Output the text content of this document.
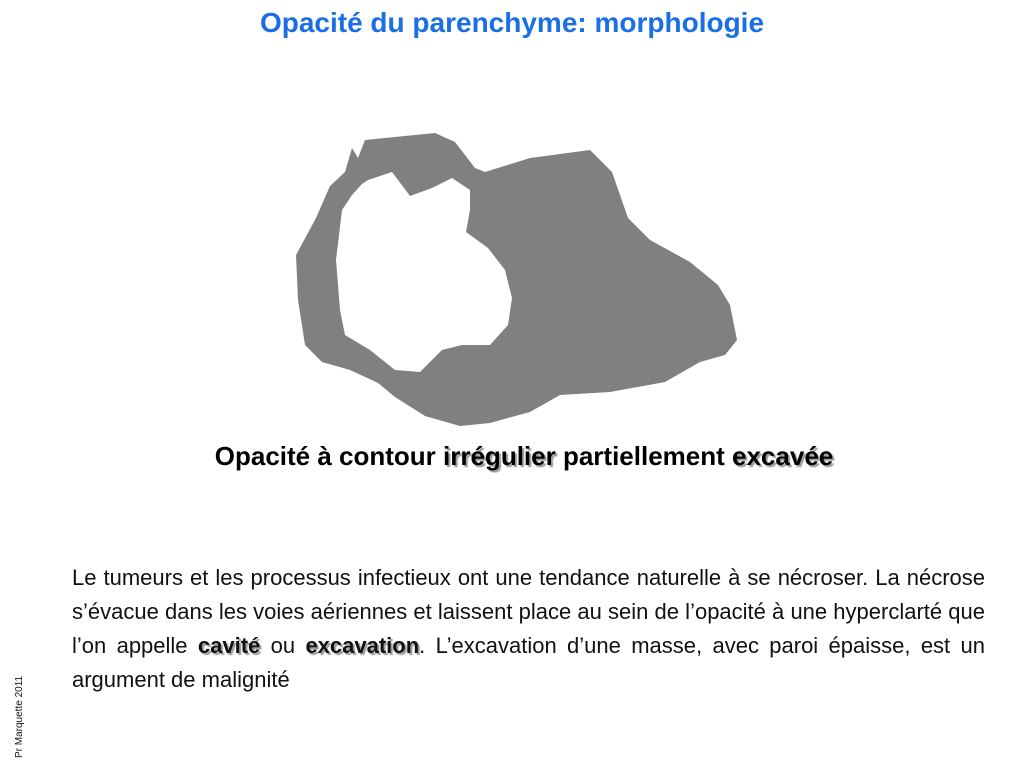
Opacité du parenchyme: morphologie
Opacité à contour irrégulier partiellement excavée

Le tumeurs et les processus infectieux ont une tendance naturelle à se nécroser. La nécrose s’évacue dans les voies aériennes et laissent place au sein de l’opacité à une hyperclarté que l’on appelle cavité ou excavation. L’excavation d’une masse, avec paroi épaisse, est un argument de malignité

Pr Marquette 2011
